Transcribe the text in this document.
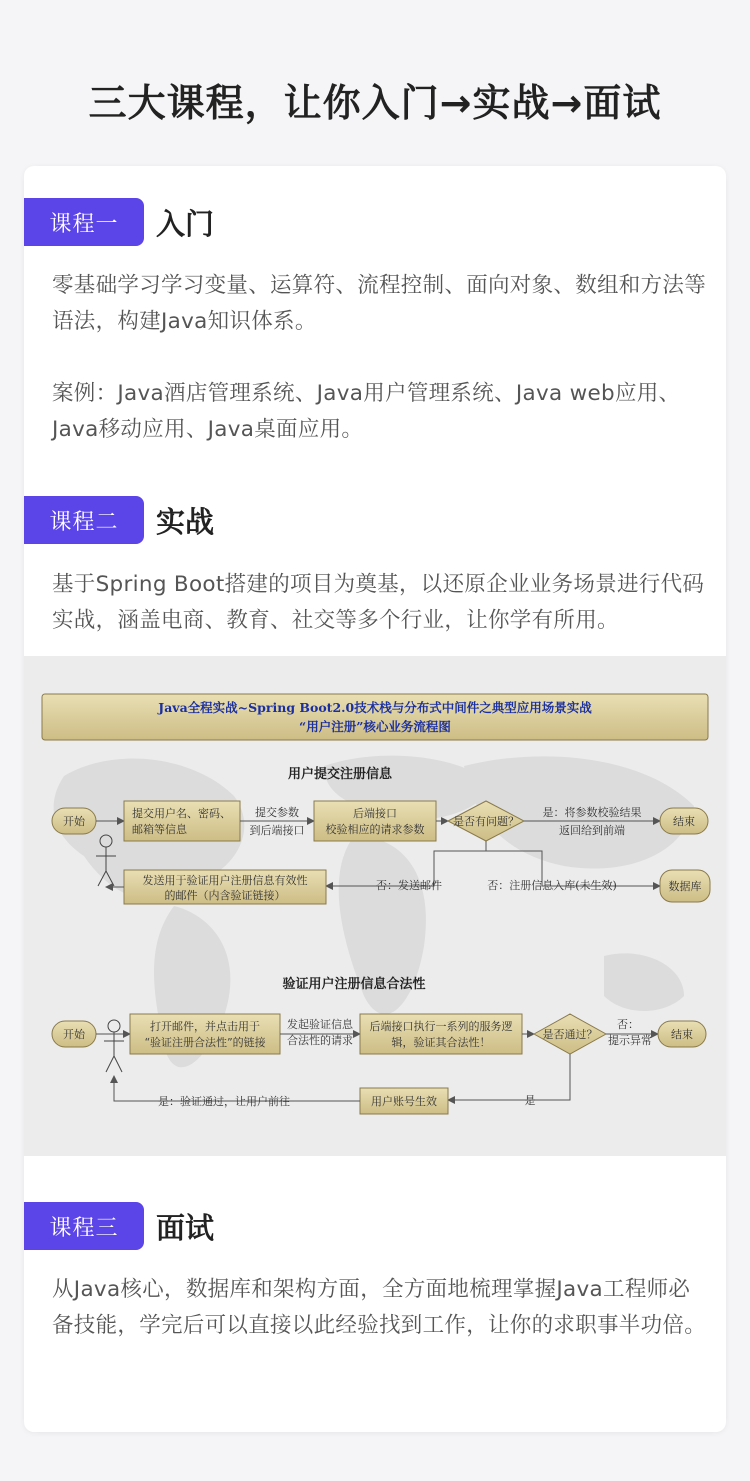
三大课程，让你入门→实战→面试
课程一	入门
零基础学习学习变量、运算符、流程控制、面向对象、数组和方法等语法，构建Java知识体系。
案例：Java酒店管理系统、Java用户管理系统、Java web应用、Java移动应用、Java桌面应用。
课程二	实战
基于Spring Boot搭建的项目为奠基，以还原企业业务场景进行代码实战，涵盖电商、教育、社交等多个行业，让你学有所用。
Java全程实战~Spring Boot2.0技术栈与分布式中间件之典型应用场景实战
“用户注册”核心业务流程图
用户提交注册信息
开始
提交用户名、密码、
邮箱等信息
提交参数
到后端接口
后端接口
校验相应的请求参数
是否有问题？
是：将参数校验结果
返回给到前端
结束
否：发送邮件	否：注册信息入库(未生效)	数据库
发送用于验证用户注册信息有效性
的邮件（内含验证链接）
验证用户注册信息合法性
开始
打开邮件，并点击用于
“验证注册合法性”的链接
发起验证信息
合法性的请求
后端接口执行一系列的服务逻
辑，验证其合法性！
是否通过？
否：
提示异常 结束
是
用户账号生效
是：验证通过，让用户前往
课程三	面试
从Java核心，数据库和架构方面，全方面地梳理掌握Java工程师必备技能，学完后可以直接以此经验找到工作，让你的求职事半功倍。
